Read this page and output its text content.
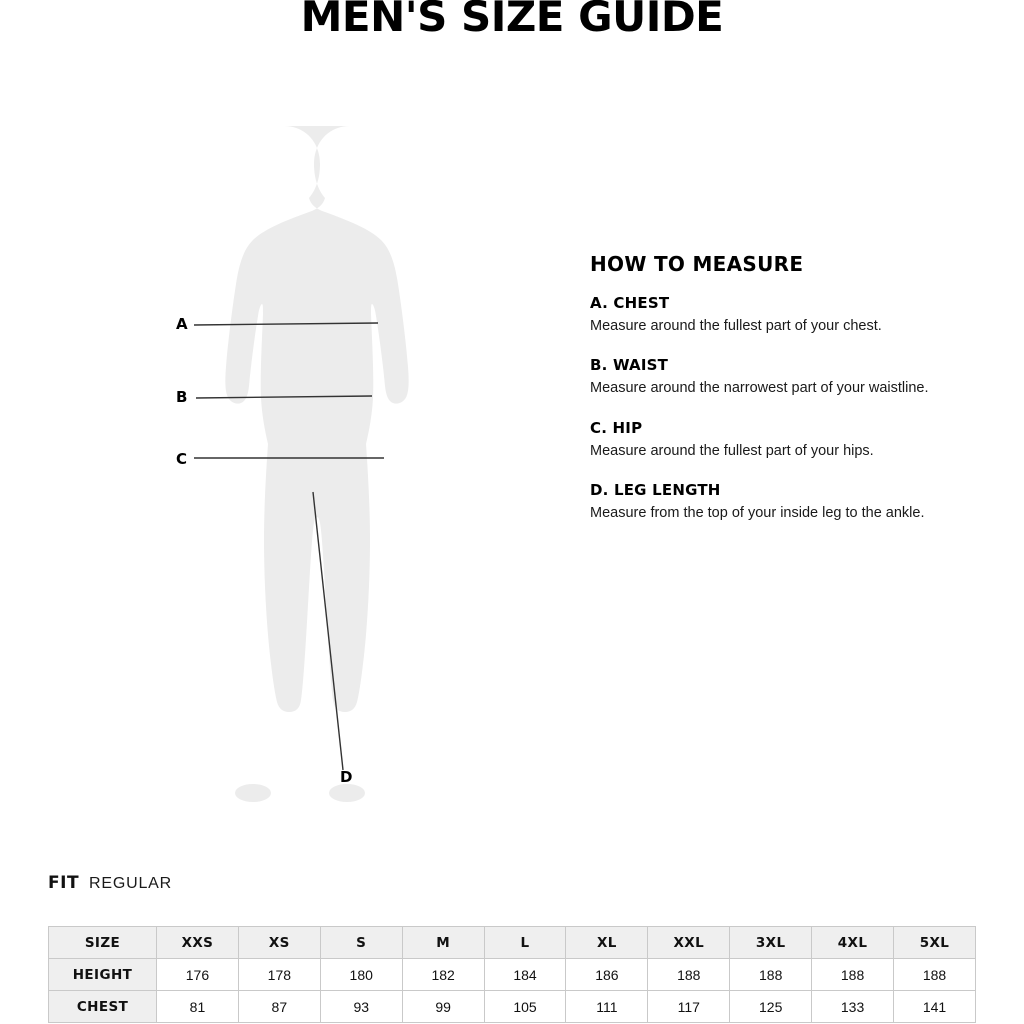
MEN'S SIZE GUIDE
A
B
C
D
HOW TO MEASURE
A. CHEST
Measure around the fullest part of your chest.
B. WAIST
Measure around the narrowest part of your waistline.
C. HIP
Measure around the fullest part of your hips.
D. LEG LENGTH
Measure from the top of your inside leg to the ankle.
FIT REGULAR
SIZE	XXS	XS	S	M	L	XL	XXL	3XL	4XL	5XL
HEIGHT	176	178	180	182	184	186	188	188	188	188
CHEST	81	87	93	99	105	111	117	125	133	141
